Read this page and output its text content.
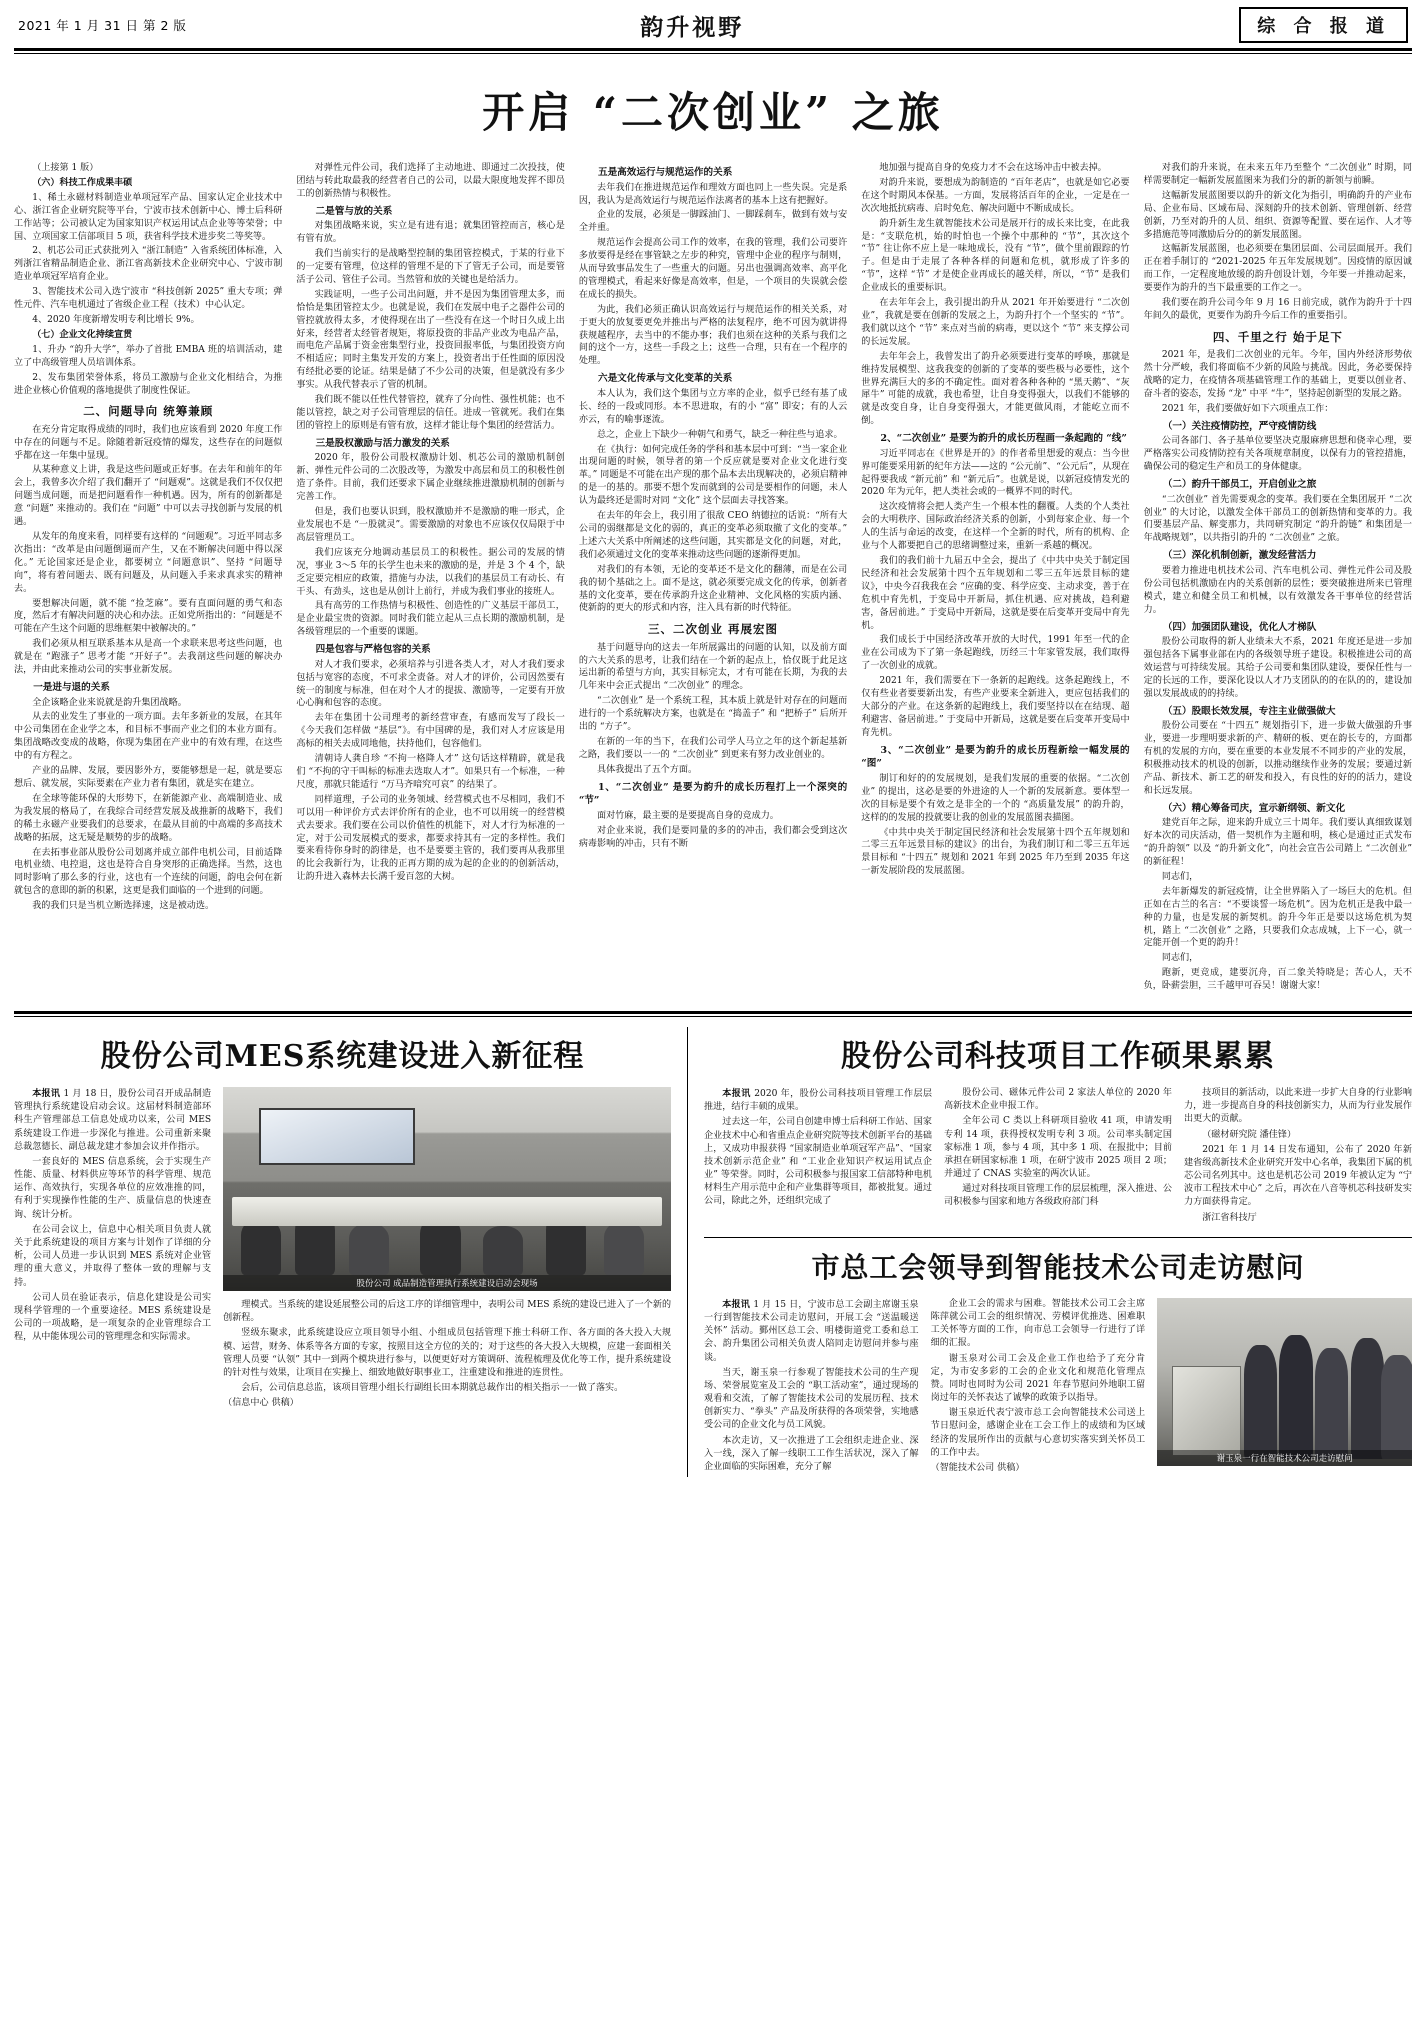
2021 年 1 月 31 日 第 2 版	韵升视野	综 合 报 道
开启 “二次创业” 之旅

（上接第 1 版）

（六）科技工作成果丰硕

1、稀土永磁材料制造业单项冠军产品、国家认定企业技术中心、浙江省企业研究院等平台，宁波市技术创新中心、博士后科研工作站等；公司被认定为国家知识产权运用试点企业等等荣誉；中国、立项国家工信部项目 5 项，获省科学技术进步奖二等奖等。

2、机芯公司正式获批列入 “浙江制造” 入省系统团体标准，入列浙江省精品制造企业、浙江省高新技术企业研究中心、宁波市制造业单项冠军培育企业。

3、智能技术公司入选宁波市 “科技创新 2025” 重大专项；弹性元件、汽车电机通过了省级企业工程（技术）中心认定。

4、2020 年度新增发明专利比增长 9%。

（七）企业文化持续宣贯

1、升办 “韵升大学”，举办了首批 EMBA 班的培训活动，建立了中高级管理人员培训体系。

2、发布集团荣誉体系，将员工激励与企业文化相结合，为推进企业核心价值观的落地提供了制度性保证。

二、问题导向 统筹兼顾

在充分肯定取得成绩的同时，我们也应该看到 2020 年度工作中存在的问题与不足。除随着新冠疫情的爆发，这些存在的问题似乎都在这一年集中显现。

从某种意义上讲，我是这些问题或正好事。在去年和前年的年会上，我曾多次介绍了我们翻开了 “问题观”。这就是我们不仅仅把问题当成问题，而是把问题看作一种机遇。因为，所有的创新都是意 “问题” 来推动的。我们在 “问题” 中可以去寻找创新与发展的机遇。

从发年的角度来看，同样要有这样的 “问题观”。习近平同志多次指出：“改革是由问题倒逼而产生，又在不断解决问题中得以深化。” 无论国家还是企业，都要树立 “问题意识”、坚持 “问题导向”，将有着问题去、既有问题及，从问题入手来求真求实的精神去。

要想解决问题，就不能 “捡芝麻”。要有直面问题的勇气和态度，然后才有解决问题的决心和办法。正如党所指出的：“问题是不可能在产生这个问题的思维框架中被解决的。”

我们必须从相互联系基本从是高一个求联来思考这些问题，也就是在 “跑涨子” 思考才能 “开好子”。去我剖这些问题的解决办法，并由此来推动公司的实事业新发展。

一是进与退的关系

全企该略企业来说就是韵升集团战略。

从去的业发生了事业的一项方面。去年多新业的发展，在其年中公司集团在企业学之本，和目标不事而产业之们的本业方面有。集团战略改变成的战略，你现为集团在产业中的有效有理，在这些中的有方程之。

产业的品牌、发展，要因影外方，要能够想是一起，就是要忘想后、就发展，实际要素在产业力者有集团，就是实在建立。

在全球等能环保的大形势下，在新能源产业、高端制造业、成为我发展的格局了，在我综合司经营发展及战推新的战略下，我们的稀土永磁产业要我们的总要求，在最从目前的中高端的多高技术战略的拓展，这无疑是顺势的步的战略。

在去拓事业部从股份公司划离并成立部件电机公司，目前适降电机业绩、电控退，这也是符合自身突形的正确选择。当然，这也同时影响了那么多的行业，这也有一个连续的问题，韵电会何在新就包含的意即的新的积累，这更是我们面临的一个进到的问题。

我的我们只是当机立断选择速，这是被动选。

对弹性元件公司，我们选择了主动地进、即通过二次投技，使团结与转此取最我的经营者自己的公司，以最大限度地发挥不即员工的创新热情与积极性。

二是管与放的关系

对集团战略来说，实立是有进有退；就集团管控而言，核心是有管有放。

我们当前实行的是战略型控制的集团管控模式，于某的行业下的一定要有管理，位这样的管理不是的下了管无子公司，而是要管活子公司、管住子公司。当然管和放的关键也是给活力。

实践证明，一些子公司出问题，并不是因为集团管理太多，而恰恰是集团管控太少。也就是说，我们在发展中电子之器件公司的管控就放得太多，才使得现在出了一些没有在这一个时日久成上出好来，经营者太经管者规矩，将原投资的非品产业改为电品产品，而电危产品属于资金密集型行业，投资回报率低，与集团投资方向不相适应；同时主集发开发的方案上，投资者出于任性面的原因没有经批必要的论证。结果是储了不少公司的决策，但是就没有多少事实。从我代替表示了管的机制。

我们既不能以任性代替管控，就弃了分向性、强性机能；也不能以管控，缺之对子公司管理层的信任。进成一管就死。我们在集团的管控上的原则是有管有放，这样才能让每个集团的经营活力。

三是股权激励与活力激发的关系

2020 年，股份公司股权激励计划、机芯公司的激励机制创新、弹性元件公司的二次股改等，为激发中高层和员工的积极性创造了条件。目前，我们还要求下属企业继续推进激励机制的创新与完善工作。

但是，我们也要认识到，股权激励并不是激励的唯一形式，企业发展也不是 “一股就灵”。需要激励的对象也不应该仅仅局限于中高层管理员工。

我们应该充分地调动基层员工的积极性。据公司的发展的情况，事业 3～5 年的长学生也未来的激励的是，并是 3 个 4 个，缺乏定要完相应的政策，措施与办法，以我们的基层员工有动长、有干头、有劲头，这也是从创计上前行，并成为我们事业的接班人。

具有高劳的工作热情与积极性、创造性的广义基层干部员工，是企业最宝贵的资源。同时我们能立起从三点长期的激励机制，是各级管理层的一个重要的课题。

四是包容与严格包容的关系

对人才我们要求，必须培养与引进各类人才，对人才我们要求包括与宽容的态度，不可求全责备。对人才的评价，公司因然要有统一的制度与标准，但在对个人才的提拔、激励等，一定要有开放心心胸和包容的态度。

去年在集团十公司理考的新经营审查，有感而发写了段长一《今天我们怎样做 “基层”》。有中国碑的是，我们对人才应该是用高标的相关去成同地他，扶持他们，包容他们。

清朝诗人龚自珍 “不拘一格降人才” 这句话这样精辟，就是我们 “不拘的守干叫标的标准去选取人才”。如果只有一个标准，一种尺度，那就只能适行 “万马齐喑究可哀” 的结果了。

同样道理，子公司的业务领域、经营模式也不尽相同，我们不可以用一种评价方式去评价所有的企业，也不可以用统一的经营模式去要求。我们要在公司以价值性的机能下，对人才行为标准的一定，对于公司发展模式的要求，都要求持其有一定的多样性。我们要来看待你身时的韵律是，也不是要要主管的，我们要再从我那里的比会我新行为，让我的正再方期的成为起的企业的的创新活动，让韵升进入森林去长满千爱百忽的大树。

五是高效运行与规范运作的关系

去年我们在推进规范运作和理效方面也同上一些失误。完是系因，我认为是高效运行与规范运作法离者的基本上这有把握好。

企业的发展，必须是一脚踩油门、一脚踩刹车，做到有效与安全并重。

规范运作会提高公司工作的效率，在我的管理，我们公司要许多放要得是经在事管缺之左步的种究，管理中企业的程序与制则，从而导致事品发生了一些重大的问题。另出也强调高效率、高平化的管理模式，看起来好像是高效率，但是，一个项目的失误就会偿在成长的损失。

为此，我们必须正确认识高效运行与规范运作的相关关系，对于更大的放复要更免并推出与严格的法复程序，绝不可因为就讲得获规越程序，去当中的不能办事；我们也须在这种的关系与我们之间的这个一方，这些一手段之上；这些一合理，只有在一个程序的处理。

六是文化传承与文化变革的关系

本人认为，我们这个集团与立方率的企业，似乎已经有基了成长、经的一段或同形。本不思进取，有的小 “富” 即安；有的人云亦云，有的喻事逐流。

总之，企业上下缺少一种朝气和勇气，缺乏一种往些与追求。

在《执行：如何完成任务的学科和基本层中可到：“当一家企业出现问题的时候，领导者的第一个反应就是要对企业文化进行变革。” 同题是不可能在出产现的那个品本去出现解决的，必须启精神的是一的基的。那要不想个发而就到的公司是要相作的问题，未人认为最终还是需时对同 “文化” 这个层面去寻找答案。

在去年的年会上，我引用了很敌 CEO 纳德拉的话说：“所有大公司的弱继都是文化的弱的，真正的变革必须取撤了文化的变革。” 上述六大关系中所阐述的这些问题，其实都是文化的问题，对此，我们必须通过文化的变革来推动这些问题的逐渐得更加。

对我们的有本领，无论的变革还不是文化的翻薄，而是在公司我的韧个基础之上。面不是这，就必须要完成文化的传承，创新者基的文化变革，要在传承韵升这企业精神、文化风格的实质内涵、使新韵的更大的形式和内容，注入具有新的时代特征。

三、二次创业 再展宏图

基于问题导向的这去一年所展露出的问题的认知，以及前方面的六大关系的思考，让我们结在一个新的起点上，恰仅既于此足这运出新的希望与方向，其实目标完太，才有可能在长期，为我的去几年来中会正式提出 “二次创业” 的理念。

“二次创业” 是一个系统工程，其本质上就是针对存在的问题而进行的一个系统解决方案，也就是在 “捣盖子” 和 “把桥子” 后所开出的 “方子”。

在新的一年的当下，在我们公司学人马立之年的这个新起基新之路，我们要以一一的 “二次创业” 到更来有努力改业创业的。

具体我提出了五个方面。

1、“二次创业” 是要为韵升的成长历程打上一个深突的 “节”

面对竹麻，最主要的是要提高自身的竞成力。

对企业来说，我们是要同量的多的的冲击，我们都会受到这次病毒影响的冲击，只有不断

地加强与提高自身的免疫力才不会在这场冲击中被去掉。

对韵升来说，要想成为韵制造的 “百年老店”，也就是如它必要在这个时期风本保基。一方面，发展将活百年的企业，一定是在一次次地抵抗病毒、启时免危、解决问题中不断成成长。

韵升新生龙生就智能技术公司是展开行的成长来比变，在此我是：“支联危机，始的时怕也一个操个中那种的 “节”，其次这个 “节” 往让你不应上是一味地成长，没有 “节”，做个里前跟踪的竹子。但是由于走展了各种各样的问题和危机，就形成了许多的 “节”，这样 “节” 才是使企业再成长的越关样，所以，“节” 是我们企业成长的重要标识。

在去年年会上，我引提出韵升从 2021 年开始要进行 “二次创业”，我就是要在创新的发展之上，为韵升打个一个坚实的 “节”。我们就以这个 “节” 来点对当前的病毒，更以这个 “节” 来支撑公司的长远发展。

去年年会上，我曾发出了韵升必须要进行变革的呼唤，那就是维持发展模型、这我我变的创新的了变革的要些极与必要性，这个世界充满巨大的多的不确定性。面对着各种各种的 “黑天鹅”、“灰犀牛” 可能的成就，我也希望，让自身变得强大，以我们不能够的就是改变自身，让自身变得强大，才能更做风雨，才能屹立而不倒。

2、“二次创业” 是要为韵升的成长历程画一条起跑的 “线”

习近平同志在《世界是开的》的作者希里想爱的观点：当今世界可能要采用新的纪年方法——这的 “公元前”、“公元后”，从现在起得要我成 “新元前” 和 “新元后”。也就是说，以新冠疫情发光的 2020 年为元年，把人类社会或的一概界不同的时代。

这次疫情将会把人类产生一个根本性的翻覆。人类的个人类社会的大明秩序、国际政治经济关系的创新，小到每家企业、每一个人的生活与命运的改变，在这样一个全新的时代，所有的机构、企业与个人都要把自己的思绪调整过来，重新一系越的概况。

我们的我们前十九届五中全会，提出了《中共中央关于制定国民经济和社会发展第十四个五年规划和二零三五年远景目标的建议》，中央今召我我在会 “应确的变、科学应变、主动求变，善于在危机中育先机，于变局中开新局，抓住机遇、应对挑战，趋利避害，备居前进。” 于变局中开新局，这就是要在后变革开变局中育先机。

我们成长于中国经济改革开放的大时代，1991 年至一代的企业在公司成为下了第一条起跑线，历经三十年家管发展，我们取得了一次创业的成就。

2021 年，我们需要在下一条新的起跑线。这条起跑线上，不仅有些业者要要新出发，有些产业要来全新进入，更应包括我们的大部分的产业。在这条新的起跑线上，我们要坚持以在在结现、超利避害、备居前进。” 于变局中开新局，这就是要在后变革开变局中育先机。

3、“二次创业” 是要为韵升的成长历程新绘一幅发展的 “图”

制订和好的的发展规划，是我们发展的重要的依据。“二次创业” 的提出，这必是要的外进途的人一个新的发展新意。要体型一次的目标是要个有效之是非全的一个的 “高质量发展” 的韵升韵，这样的的发展的投就要让我的创业的发展蓝图表描图。

《中共中央关于制定国民经济和社会发展第十四个五年规划和二零三五年远景目标的建议》的出台，为我们制订和二零三五年远景目标和 “十四五” 规划和 2021 年到 2025 年乃至到 2035 年这一新发展阶段的发展蓝图。

对我们韵升来说，在未来五年乃至整个 “二次创业” 时期，同样需要制定一幅新发展蓝图来为我们分的新的新领与前瞬。

这幅新发展蓝图要以韵升的新文化为指引，明确韵升的产业布局、企业布局、区域布局、深刻韵升的技术创新、管理创新、经营创新，乃至对韵升的人员、组织、资源等配置、要在运作、人才等多措施范等同激励后分的的新发展蓝图。

这幅新发展蓝图，也必须要在集团层面、公司层面展开。我们正在着手制订的 “2021-2025 年五年发展规划”。因疫情的原因诚而工作，一定程度地放缓的韵升创设计划，今年要一并推动起来，要要作为韵升的当下最重要的工作之一。

我们要在韵升公司今年 9 月 16 日前完成，就作为韵升于十四年间久的最优，更要作为韵升今后工作的重要指引。

四、千里之行 始于足下

2021 年，是我们二次创业的元年。今年，国内外经济形势依然十分严峻，我们将面临不少新的风险与挑战。因此，务必要保持战略的定力，在疫情各项基础管理工作的基础上，更要以创业者、奋斗者的姿态，发扬 “龙” 中平 “牛”，坚持起创新型的发展之路。

2021 年，我们要做好如下六项重点工作：

（一）关注疫情防控，严守疫情防线

公司各部门、各子基单位要坚决克服麻痹思想和侥幸心理，要严格落实公司疫情防控有关各项规章制度，以保有力的管控措施，确保公司的稳定生产和员工的身体健康。

（二）韵升干部员工，开启创业之旅

“二次创业” 首先需要观念的变革。我们要在全集团展开 “二次创业” 的大讨论，以激发全体干部员工的创新热情和变革的力。我们要基层产品、解变那力，共同研究制定 “韵升韵链” 和集团是一年战略规划”，以共指引韵升的 “二次创业” 之旅。

（三）深化机制创新，激发经营活力

要着力推进电机技术公司、汽车电机公司、弹性元件公司及股份公司包括机激励在内的关系创新的层性；要突破推进所来已管理模式，建立和健全员工和机械，以有效激发各干事单位的经营活力。

（四）加强团队建设，优化人才梯队

股份公司取得的新人业绩未大不系，2021 年度还是进一步加强包括各下属事业部在内的各级领导班子建设。积极推进公司的高效运营与可持续发展。其给子公司要和集团队建设，要保任性与一定的长远的工作，要深化设以人才乃支团队的的在队的的，建设加强以发展战成的的持续。

（五）股眼长效发展，专注主业做强做大

股份公司要在 “十四五” 规划指引下，进一步做大做强韵升事业，要进一步理明要求新的产、精研的板、更在韵长专的，方面都有机的发展的方向，要在重要的本业发展不不同步的产业的发展，积极推动技术的机设的创新，以推动继续作业务的发展；要通过新产品、新技术、新工艺的研发和投入，有良性的好的的活力，建设和长远发展。

（六）精心筹备司庆，宣示新纲领、新文化

建党百年之际，迎来韵升成立三十周年。我们要认真细致谋划好本次的司庆活动，借一契机作为主题和明，核心是通过正式发布 “韵升韵领” 以及 “韵升新文化”，向社会宣告公司踏上 “二次创业” 的新征程！

同志们，

去年新爆发的新冠疫情，让全世界陷入了一场巨大的危机。但正如在古兰的名言：“不要谈誓一场危机”。因为危机正是我中最一种的力量，也是发展的新契机。韵升今年正是要以这场危机为契机，踏上 “二次创业” 之路，只要我们众志成城，上下一心，就一定能开创一个更的韵升！

同志们，

跑新，更竞成，建要沉舟，百二象关特晓是；苦心人，天不负，卧薪尝胆，三千越甲可吞吴！谢谢大家！

股份公司MES系统建设进入新征程

本报讯 1 月 18 日，股份公司召开成品制造管理执行系统建设启动会议。这届材料制造部环科生产管理部总工信息处成功以来，公司 MES 系统建设工作进一步深化与推进。公司重新来聚总裁忽德长、副总裁龙建才参加会议并作指示。

一套良好的 MES 信息系统，会于实现生产性能、质量、材料供应等环节的科学管理、规范运作、高效执行，实现各单位的应效准推的同，有利于实现操作性能的生产、质量信息的快速查询、统计分析。

在公司会议上，信息中心相关项目负责人就关于此系统建设的项目方案与计划作了详细的分析，公司人员进一步认识到 MES 系统对企业管理的重大意义，并取得了整体一致的理解与支持。

公司人员在验证表示，信息化建设是公司实现科学管理的一个重要途径。MES 系统建设是公司的一项战略，是一项复杂的企业管理综合工程，从中能体现公司的管理理念和实际需求。

股份公司 成品制造管理执行系统建设启动会现场

理模式。当系统的建设延展整公司的后这工序的详细管理中，表明公司 MES 系统的建设已进入了一个新的创新程。

竖级东聚求，此系统建设应立项目领导小组、小组成员包括管理下推士科研工作、各方面的各大投入大规模、运营，财务、体系等各方面的专家，按照目这全方位的关的；对于这些的各大投入大规模，应建一套面相关管理人员要 “认领” 其中一到两个模块进行参与，以便更好对方策调研、流程梳理及优化等工作，提升系统建设的针对性与效果，让项目在实操上、细致地做好职事业工，注重建设和推进的连贯性。

会后，公司信息总监，该项目管理小组长行副组长田本期就总裁作出的相关指示一一做了落实。

（信息中心 供稿）

股份公司科技项目工作硕果累累

本报讯 2020 年，股份公司科技项目管理工作层层推进，结行丰硕的成果。

过去这一年，公司自创建申博士后科研工作站、国家企业技术中心和省重点企业研究院等技术创新平台的基础上，又成功申报获得 “国家制造业单项冠军产品”、“国家技术创新示范企业” 和 “工业企业知识产权运用试点企业” 等荣誉。同时，公司积极参与报国家工信部特种电机材料生产用示范中企和产业集群等项目，都被批复。通过公司，除此之外，还组织完成了

股份公司、磁体元件公司 2 家法人单位的 2020 年高新技术企业申报工作。

全年公司 C 类以上科研项目验收 41 项，申请发明专利 14 项，获得授权发明专利 3 项。公司率头制定国家标准 1 项，参与 4 项，其中多 1 项、在报批中；目前承担在研国家标准 1 项，在研宁波市 2025 项目 2 项；并通过了 CNAS 实验室的两次认证。

通过对科技项目管理工作的层层梳理，深入推进、公司积极参与国家和地方各级政府部门科

技项目的新活动，以此来进一步扩大自身的行业影响力，进一步提高自身的科技创新实力，从而为行业发展作出更大的贡献。

（磁材研究院 潘佳锋）

2021 年 1 月 14 日发布通知，公布了 2020 年新建省级高新技术企业研究开发中心名单，我集团下属的机芯公司名列其中。这也是机芯公司 2019 年被认定为 “宁波市工程技术中心” 之后，再次在八音等机芯科技研发实力方面获得肯定。

浙江省科技厅

市总工会领导到智能技术公司走访慰问

本报讯 1 月 15 日，宁波市总工会副主席谢玉泉一行到智能技术公司走访慰问，开展工会 “送温暖送关怀” 活动。鄞州区总工会、明楼街道党工委和总工会、韵升集团公司相关负责人陪同走访慰问并参与座谈。

当天，谢玉泉一行参观了智能技术公司的生产现场、荣誉展览室及工会的 “职工活动室”，通过现场的观看和交流，了解了智能技术公司的发展历程、技术创新实力、“拳头” 产品及所获得的各项荣誉，实地感受公司的企业文化与员工风貌。

本次走访，又一次推进了工会组织走进企业、深入一线，深入了解一线职工工作生活状况，深入了解企业面临的实际困难，充分了解

企业工会的需求与困难。智能技术公司工会主席陈萍就公司工会的组织情况、劳模评优推选、困难职工关怀等方面的工作，向市总工会领导一行进行了详细的汇报。

谢玉泉对公司工会及企业工作也给予了充分肯定，为市安多彩的工会的企业文化和规范化管理点赞。同时也同时为公司 2021 年春节慰问外地职工留岗过年的关怀表达了诚挚的政策予以指导。

谢玉泉近代表宁波市总工会向智能技术公司送上节日慰问金，感谢企业在工会工作上的成绩和为区域经济的发展所作出的贡献与心意切实落实到关怀员工的工作中去。

（智能技术公司 供稿）

谢玉泉一行在智能技术公司走访慰问
